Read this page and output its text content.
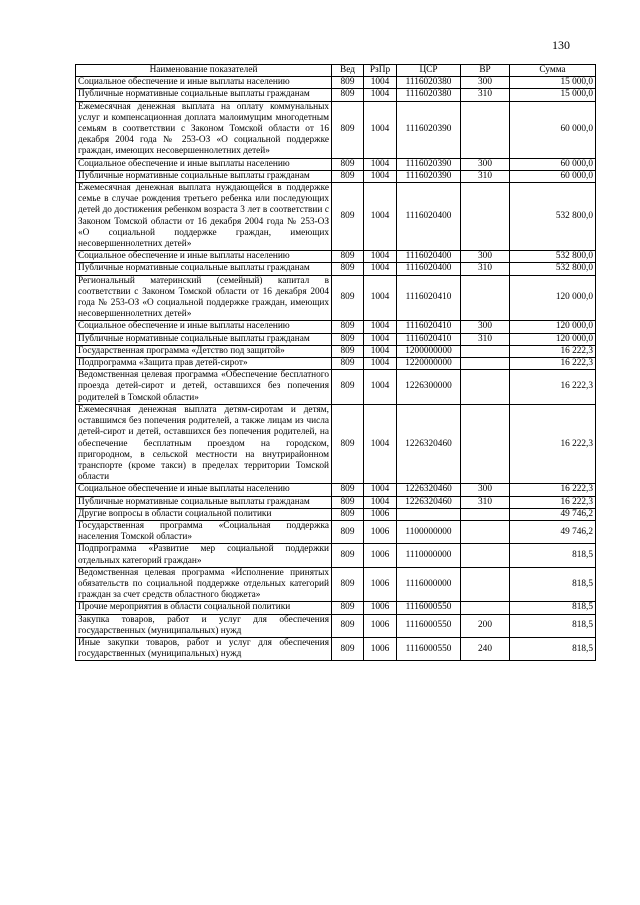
130
Наименование показателей	Вед	РзПр	ЦСР	ВР	Сумма
Социальное обеспечение и иные выплаты населению	809	1004	1116020380	300	15 000,0
Публичные нормативные социальные выплаты гражданам	809	1004	1116020380	310	15 000,0
Ежемесячная денежная выплата на оплату коммунальных услуг и компенсационная доплата малоимущим многодетным семьям в соответствии с Законом Томской области от 16 декабря 2004 года № 253-ОЗ «О социальной поддержке граждан, имеющих несовершеннолетних детей»	809	1004	1116020390		60 000,0
Социальное обеспечение и иные выплаты населению	809	1004	1116020390	300	60 000,0
Публичные нормативные социальные выплаты гражданам	809	1004	1116020390	310	60 000,0
Ежемесячная денежная выплата нуждающейся в поддержке семье в случае рождения третьего ребенка или последующих детей до достижения ребенком возраста 3 лет в соответствии с Законом Томской области от 16 декабря 2004 года № 253-ОЗ «О социальной поддержке граждан, имеющих несовершеннолетних детей»	809	1004	1116020400		532 800,0
Социальное обеспечение и иные выплаты населению	809	1004	1116020400	300	532 800,0
Публичные нормативные социальные выплаты гражданам	809	1004	1116020400	310	532 800,0
Региональный материнский (семейный) капитал в соответствии с Законом Томской области от 16 декабря 2004 года № 253-ОЗ «О социальной поддержке граждан, имеющих несовершеннолетних детей»	809	1004	1116020410		120 000,0
Социальное обеспечение и иные выплаты населению	809	1004	1116020410	300	120 000,0
Публичные нормативные социальные выплаты гражданам	809	1004	1116020410	310	120 000,0
Государственная программа «Детство под защитой»	809	1004	1200000000		16 222,3
Подпрограмма «Защита прав детей-сирот»	809	1004	1220000000		16 222,3
Ведомственная целевая программа «Обеспечение бесплатного проезда детей-сирот и детей, оставшихся без попечения родителей в Томской области»	809	1004	1226300000		16 222,3
Ежемесячная денежная выплата детям-сиротам и детям, оставшимся без попечения родителей, а также лицам из числа детей-сирот и детей, оставшихся без попечения родителей, на обеспечение бесплатным проездом на городском, пригородном, в сельской местности на внутрирайонном транспорте (кроме такси) в пределах территории Томской области	809	1004	1226320460		16 222,3
Социальное обеспечение и иные выплаты населению	809	1004	1226320460	300	16 222,3
Публичные нормативные социальные выплаты гражданам	809	1004	1226320460	310	16 222,3
Другие вопросы в области социальной политики	809	1006			49 746,2
Государственная программа «Социальная поддержка населения Томской области»	809	1006	1100000000		49 746,2
Подпрограмма «Развитие мер социальной поддержки отдельных категорий граждан»	809	1006	1110000000		818,5
Ведомственная целевая программа «Исполнение принятых обязательств по социальной поддержке отдельных категорий граждан за счет средств областного бюджета»	809	1006	1116000000		818,5
Прочие мероприятия в области социальной политики	809	1006	1116000550		818,5
Закупка товаров, работ и услуг для обеспечения государственных (муниципальных) нужд	809	1006	1116000550	200	818,5
Иные закупки товаров, работ и услуг для обеспечения государственных (муниципальных) нужд	809	1006	1116000550	240	818,5
